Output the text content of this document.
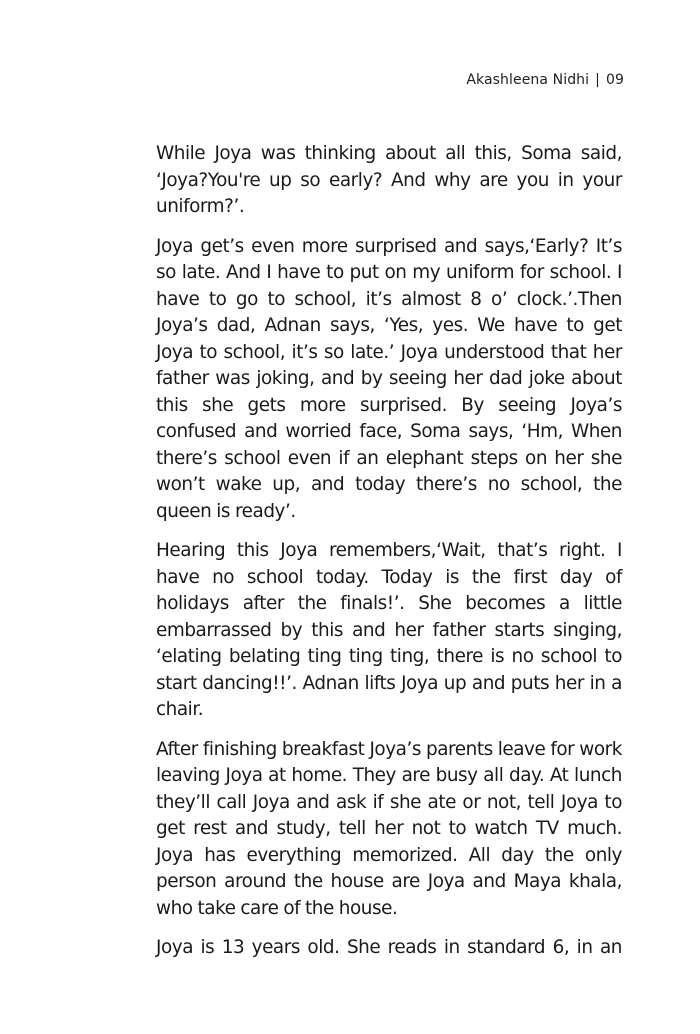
Akashleena Nidhi | 09

While Joya was thinking about all this, Soma said, ‘Joya?You're up so early? And why are you in your uniform?’.

Joya get’s even more surprised and says,‘Early? It’s so late. And I have to put on my uniform for school. I have to go to school, it’s almost 8 o’ clock.’.Then Joya’s dad, Adnan says, ‘Yes, yes. We have to get Joya to school, it’s so late.’ Joya understood that her father was joking, and by seeing her dad joke about this she gets more surprised. By seeing Joya’s confused and worried face, Soma says, ‘Hm, When there’s school even if an elephant steps on her she won’t wake up, and today there’s no school, the queen is ready’.

Hearing this Joya remembers,‘Wait, that’s right. I have no school today. Today is the first day of holidays after the finals!’. She becomes a little embarrassed by this and her father starts singing, ‘elating belating ting ting ting, there is no school to start dancing!!’. Adnan lifts Joya up and puts her in a chair.

After finishing breakfast Joya’s parents leave for work leaving Joya at home. They are busy all day. At lunch they’ll call Joya and ask if she ate or not, tell Joya to get rest and study, tell her not to watch TV much. Joya has everything memorized. All day the only person around the house are Joya and Maya khala, who take care of the house.

Joya is 13 years old. She reads in standard 6, in an
